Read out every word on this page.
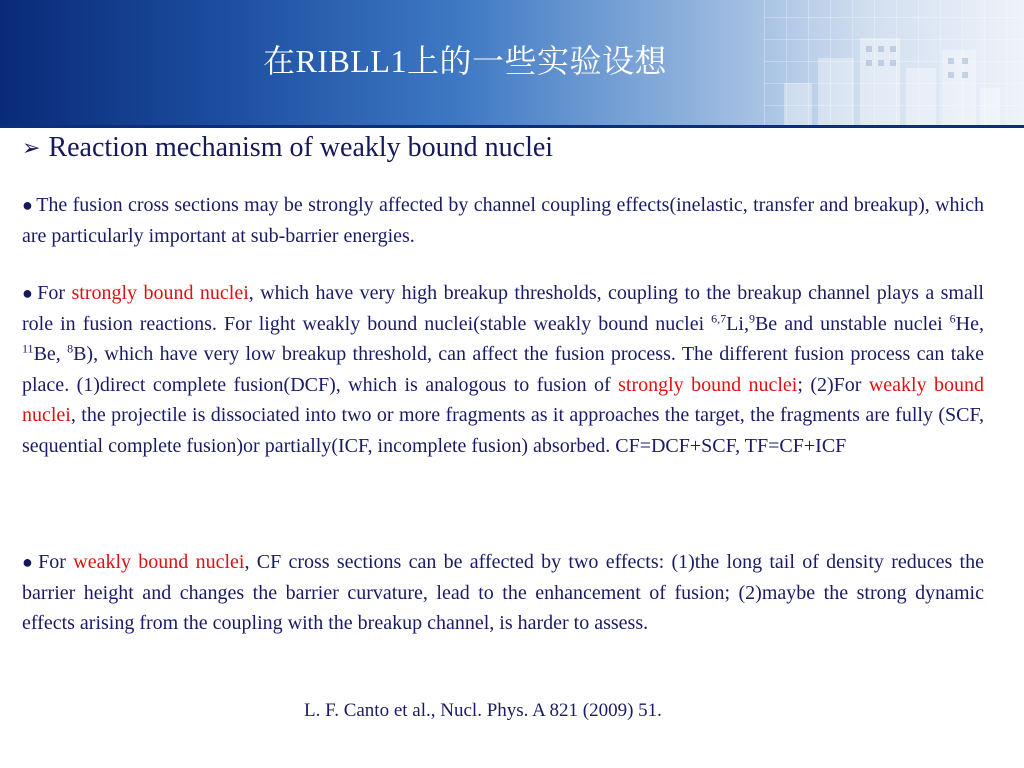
在RIBLL1上的一些实验设想
➢ Reaction mechanism of weakly bound nuclei
● The fusion cross sections may be strongly affected by channel coupling effects(inelastic, transfer and breakup), which are particularly important at sub-barrier energies.
● For strongly bound nuclei, which have very high breakup thresholds, coupling to the breakup channel plays a small role in fusion reactions. For light weakly bound nuclei(stable weakly bound nuclei $^{6,7}$Li,$^9$Be and unstable nuclei $^6$He, $^{11}$Be, $^8$B), which have very low breakup threshold, can affect the fusion process. The different fusion process can take place. (1)direct complete fusion(DCF), which is analogous to fusion of strongly bound nuclei; (2)For weakly bound nuclei, the projectile is dissociated into two or more fragments as it approaches the target, the fragments are fully (SCF, sequential complete fusion)or partially(ICF, incomplete fusion) absorbed. CF=DCF+SCF, TF=CF+ICF
● For weakly bound nuclei, CF cross sections can be affected by two effects: (1)the long tail of density reduces the barrier height and changes the barrier curvature, lead to the enhancement of fusion; (2)maybe the strong dynamic effects arising from the coupling with the breakup channel, is harder to assess.
L. F. Canto et al., Nucl. Phys. A 821 (2009) 51.
